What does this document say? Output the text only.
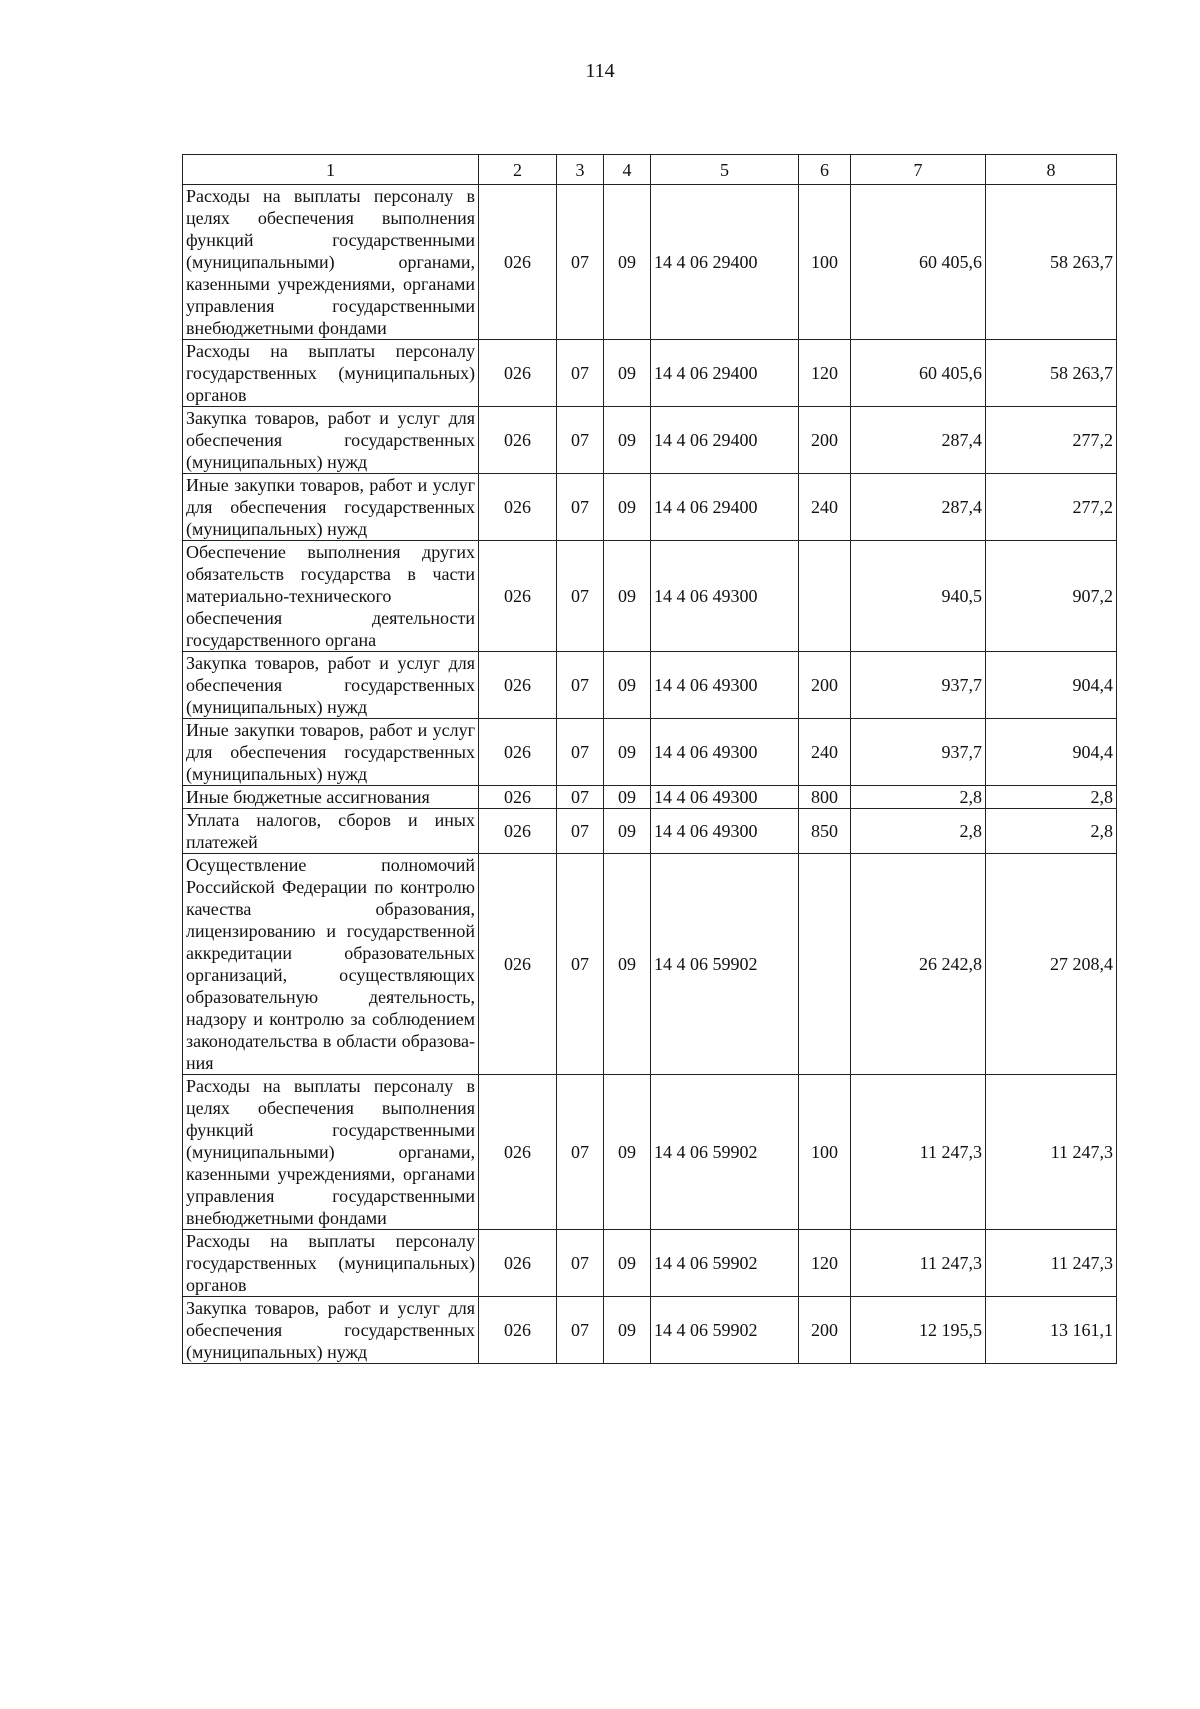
114
1	2	3	4	5	6	7	8
Расходы на выплаты персоналу в целях обеспечения выполнения функций государственными (муниципальными) органами, казенными учреждениями, органами управления государственными внебюджетными фондами	026	07	09	14 4 06 29400	100	60 405,6	58 263,7
Расходы на выплаты персоналу государственных (муниципальных) органов	026	07	09	14 4 06 29400	120	60 405,6	58 263,7
Закупка товаров, работ и услуг для обеспечения государственных (муниципальных) нужд	026	07	09	14 4 06 29400	200	287,4	277,2
Иные закупки товаров, работ и услуг для обеспечения государственных (муниципальных) нужд	026	07	09	14 4 06 29400	240	287,4	277,2
Обеспечение выполнения других обязательств государства в части материально-технического обеспечения деятельности государственного органа	026	07	09	14 4 06 49300		940,5	907,2
Закупка товаров, работ и услуг для обеспечения государственных (муниципальных) нужд	026	07	09	14 4 06 49300	200	937,7	904,4
Иные закупки товаров, работ и услуг для обеспечения государственных (муниципальных) нужд	026	07	09	14 4 06 49300	240	937,7	904,4
Иные бюджетные ассигнования	026	07	09	14 4 06 49300	800	2,8	2,8
Уплата налогов, сборов и иных платежей	026	07	09	14 4 06 49300	850	2,8	2,8
Осуществление полномочий Российской Федерации по контролю качества образования, лицензированию и государственной аккредитации образовательных организаций, осуществляющих образовательную деятельность, надзору и контролю за соблюдением законодательства в области образования	026	07	09	14 4 06 59902		26 242,8	27 208,4
Расходы на выплаты персоналу в целях обеспечения выполнения функций государственными (муниципальными) органами, казенными учреждениями, органами управления государственными внебюджетными фондами	026	07	09	14 4 06 59902	100	11 247,3	11 247,3
Расходы на выплаты персоналу государственных (муниципальных) органов	026	07	09	14 4 06 59902	120	11 247,3	11 247,3
Закупка товаров, работ и услуг для обеспечения государственных (муниципальных) нужд	026	07	09	14 4 06 59902	200	12 195,5	13 161,1
